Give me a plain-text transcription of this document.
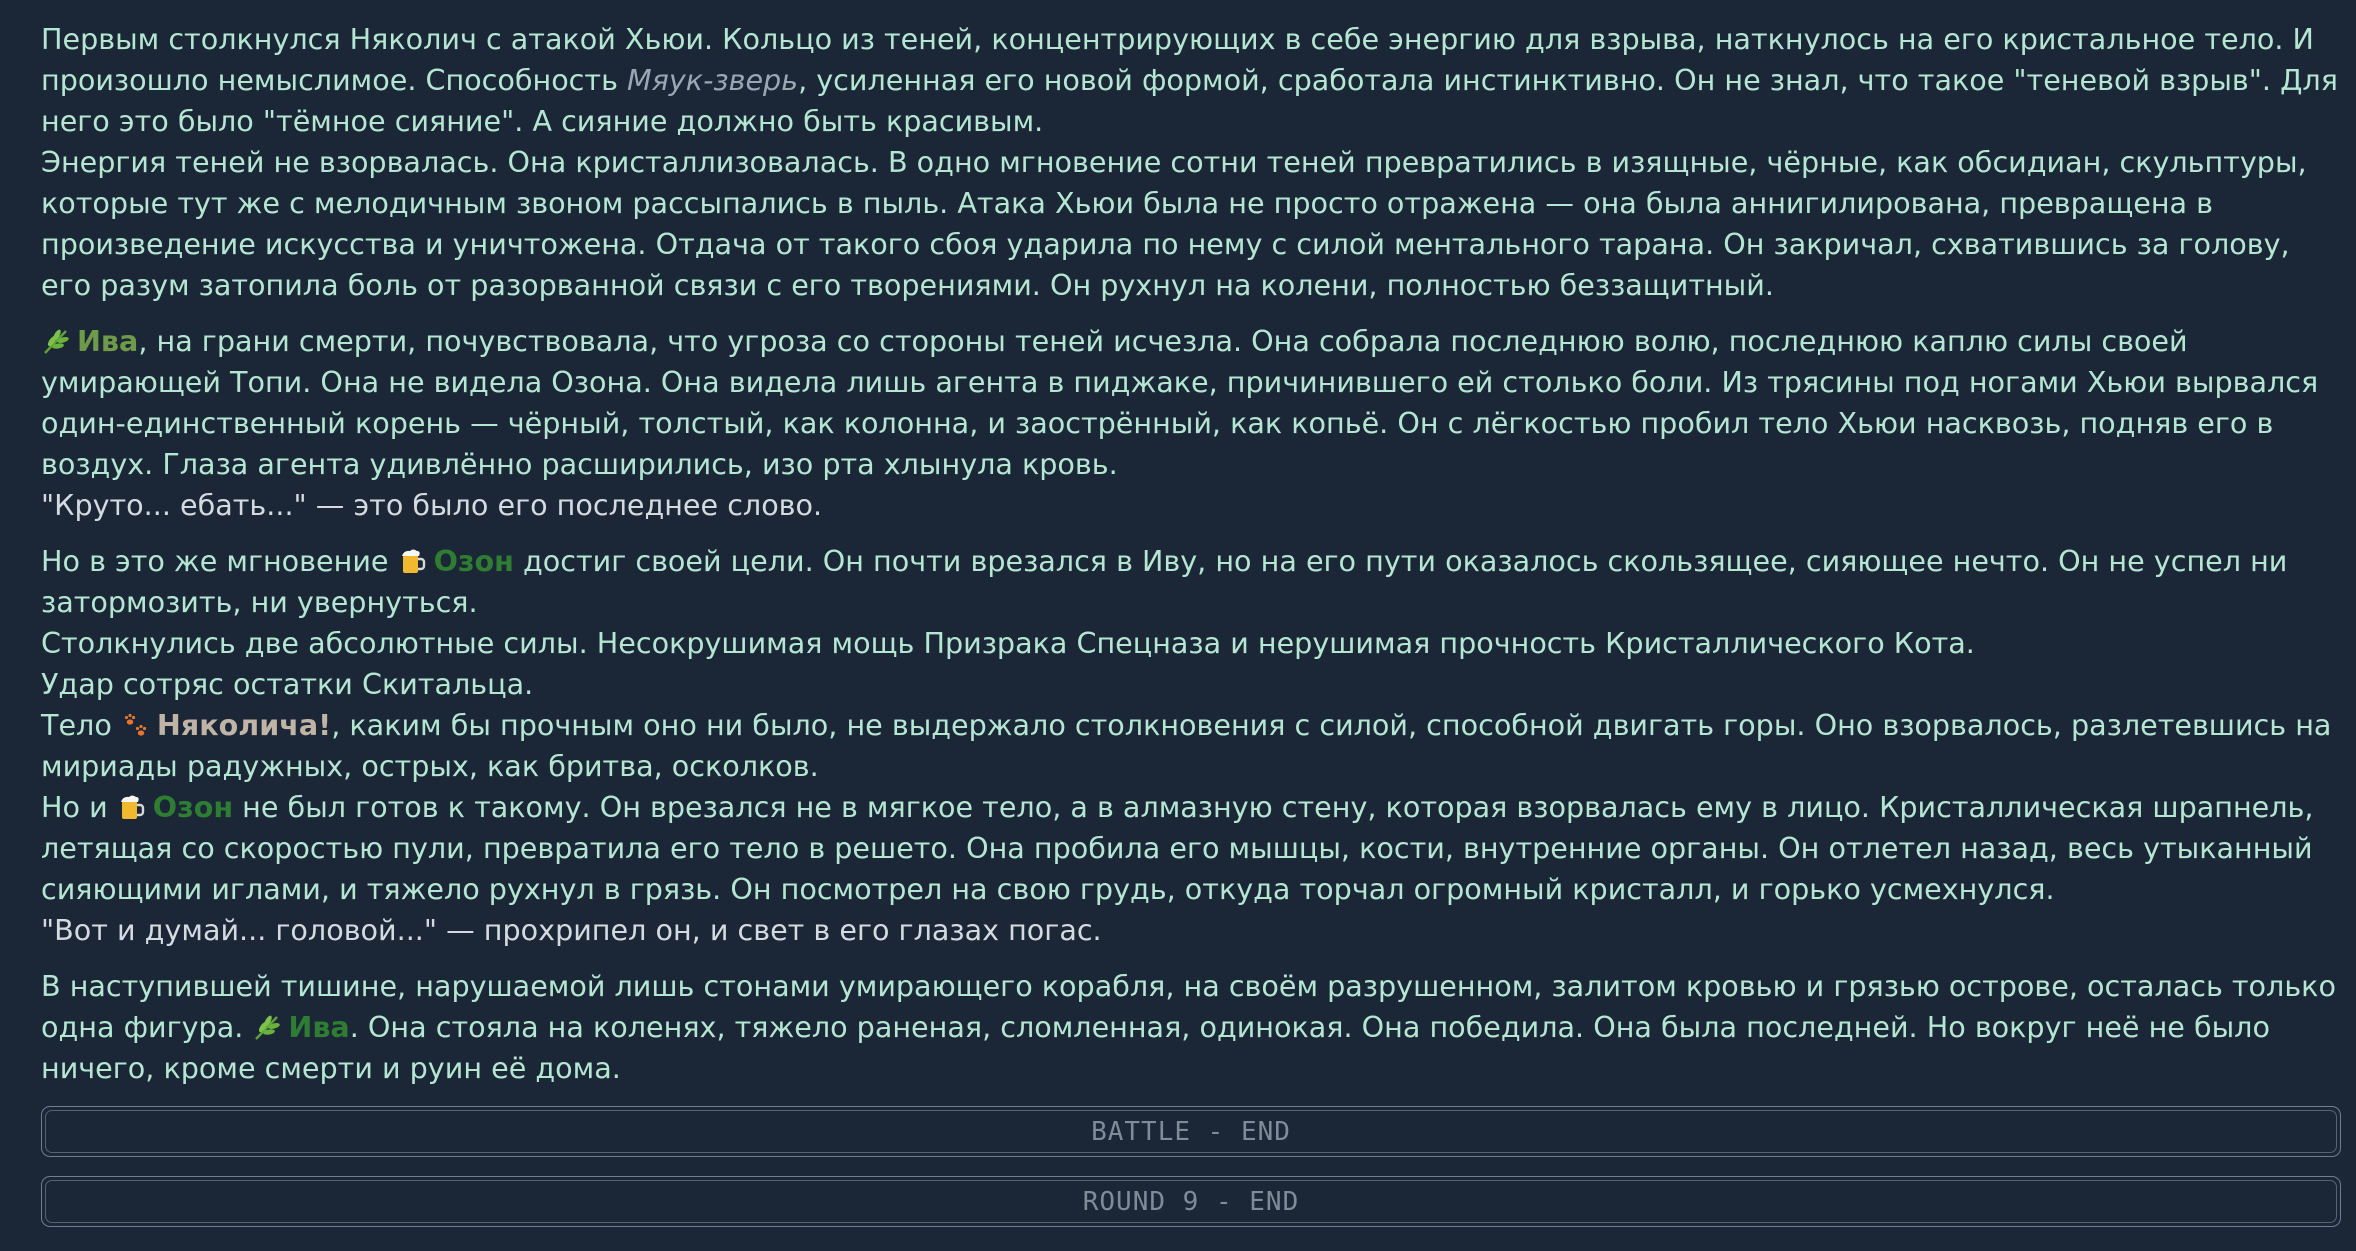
Первым столкнулся Няколич с атакой Хьюи. Кольцо из теней, концентрирующих в себе энергию для взрыва, наткнулось на его кристальное тело. И произошло немыслимое. Способность Мяук-зверь, усиленная его новой формой, сработала инстинктивно. Он не знал, что такое "теневой взрыв". Для него это было "тёмное сияние". А сияние должно быть красивым.
Энергия теней не взорвалась. Она кристаллизовалась. В одно мгновение сотни теней превратились в изящные, чёрные, как обсидиан, скульптуры, которые тут же с мелодичным звоном рассыпались в пыль. Атака Хьюи была не просто отражена — она была аннигилирована, превращена в произведение искусства и уничтожена. Отдача от такого сбоя ударила по нему с силой ментального тарана. Он закричал, схватившись за голову, его разум затопила боль от разорванной связи с его творениями. Он рухнул на колени, полностью беззащитный.
Ива, на грани смерти, почувствовала, что угроза со стороны теней исчезла. Она собрала последнюю волю, последнюю каплю силы своей умирающей Топи. Она не видела Озона. Она видела лишь агента в пиджаке, причинившего ей столько боли. Из трясины под ногами Хьюи вырвался один-единственный корень — чёрный, толстый, как колонна, и заострённый, как копьё. Он с лёгкостью пробил тело Хьюи насквозь, подняв его в воздух. Глаза агента удивлённо расширились, изо рта хлынула кровь.
"Круто... ебать..." — это было его последнее слово.
Но в это же мгновение Озон достиг своей цели. Он почти врезался в Иву, но на его пути оказалось скользящее, сияющее нечто. Он не успел ни затормозить, ни увернуться.
Столкнулись две абсолютные силы. Несокрушимая мощь Призрака Спецназа и нерушимая прочность Кристаллического Кота.
Удар сотряс остатки Скитальца.
Тело Няколича!, каким бы прочным оно ни было, не выдержало столкновения с силой, способной двигать горы. Оно взорвалось, разлетевшись на мириады радужных, острых, как бритва, осколков.
Но и Озон не был готов к такому. Он врезался не в мягкое тело, а в алмазную стену, которая взорвалась ему в лицо. Кристаллическая шрапнель, летящая со скоростью пули, превратила его тело в решето. Она пробила его мышцы, кости, внутренние органы. Он отлетел назад, весь утыканный сияющими иглами, и тяжело рухнул в грязь. Он посмотрел на свою грудь, откуда торчал огромный кристалл, и горько усмехнулся.
"Вот и думай... головой..." — прохрипел он, и свет в его глазах погас.
В наступившей тишине, нарушаемой лишь стонами умирающего корабля, на своём разрушенном, залитом кровью и грязью острове, осталась только одна фигура. Ива. Она стояла на коленях, тяжело раненая, сломленная, одинокая. Она победила. Она была последней. Но вокруг неё не было ничего, кроме смерти и руин её дома.
BATTLE - END
ROUND 9 - END
